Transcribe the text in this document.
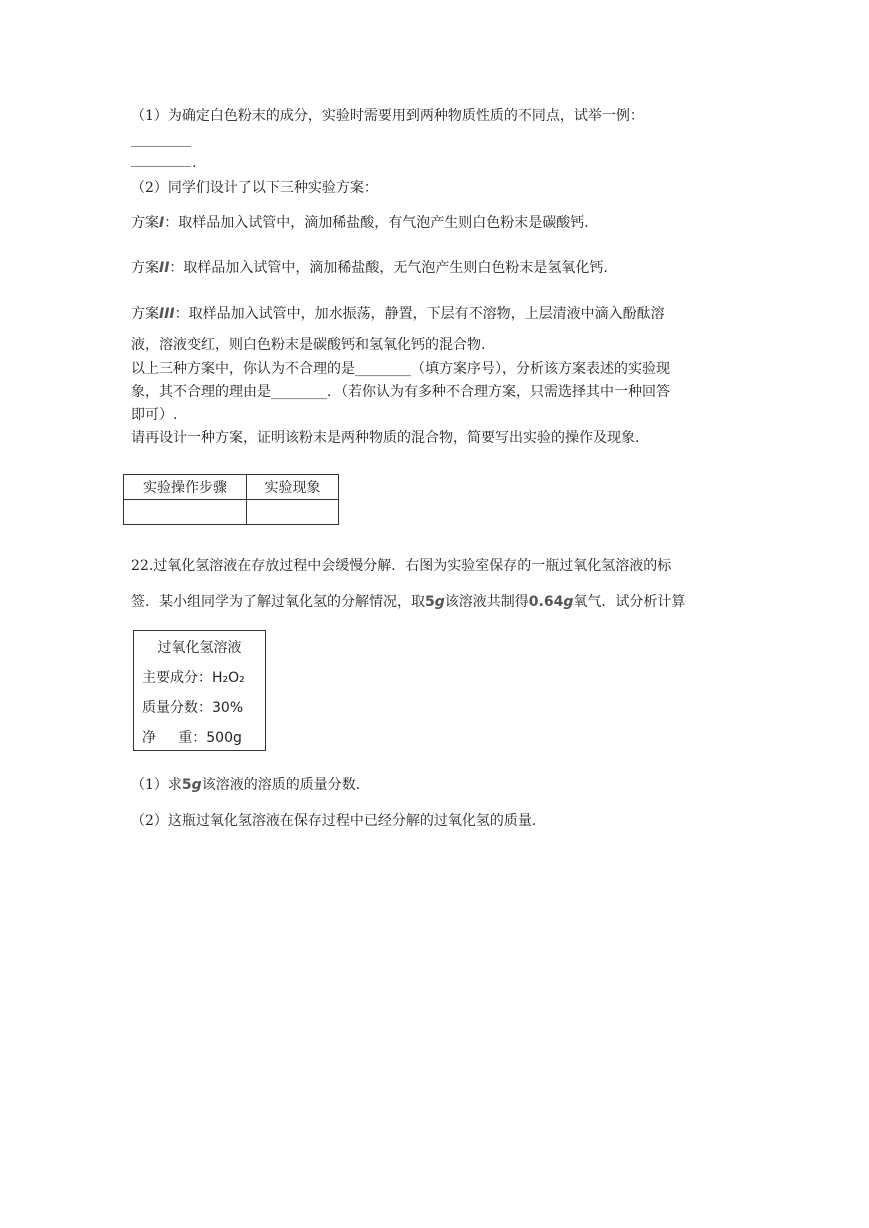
（1）为确定白色粉末的成分，实验时需要用到两种物质性质的不同点，试举一例：
.
（2）同学们设计了以下三种实验方案：
方案I：取样品加入试管中，滴加稀盐酸，有气泡产生则白色粉末是碳酸钙.
方案II：取样品加入试管中，滴加稀盐酸，无气泡产生则白色粉末是氢氧化钙.
方案III：取样品加入试管中，加水振荡，静置，下层有不溶物，上层清液中滴入酚酞溶
液，溶液变红，则白色粉末是碳酸钙和氢氧化钙的混合物.
以上三种方案中，你认为不合理的是________（填方案序号），分析该方案表述的实验现
象，其不合理的理由是________．（若你认为有多种不合理方案，只需选择其中一种回答
即可）.
请再设计一种方案，证明该粉末是两种物质的混合物，简要写出实验的操作及现象.
实验操作步骤	实验现象

22.过氧化氢溶液在存放过程中会缓慢分解．右图为实验室保存的一瓶过氧化氢溶液的标
签．某小组同学为了解过氧化氢的分解情况，取5g该溶液共制得0.64g氧气．试分析计算
过氧化氢溶液
主要成分：H₂O₂
质量分数：30%
净     重：500g
（1）求5g该溶液的溶质的质量分数.
（2）这瓶过氧化氢溶液在保存过程中已经分解的过氧化氢的质量.
